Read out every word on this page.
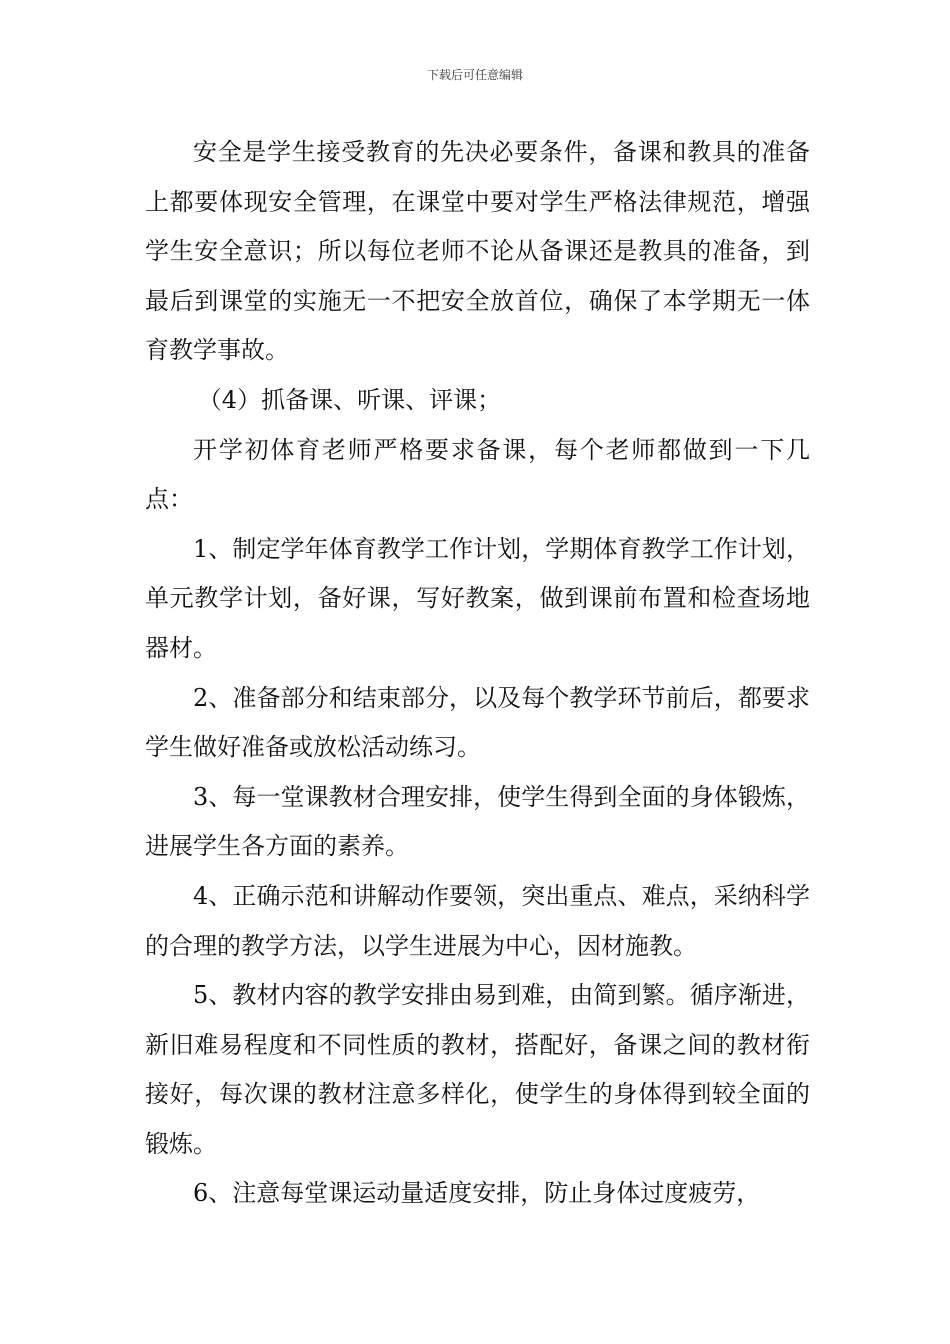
下载后可任意编辑

安全是学生接受教育的先决必要条件，备课和教具的准备上都要体现安全管理，在课堂中要对学生严格法律规范，增强学生安全意识；所以每位老师不论从备课还是教具的准备，到最后到课堂的实施无一不把安全放首位，确保了本学期无一体育教学事故。

（4）抓备课、听课、评课；

开学初体育老师严格要求备课，每个老师都做到一下几点：

1、制定学年体育教学工作计划，学期体育教学工作计划，单元教学计划，备好课，写好教案，做到课前布置和检查场地器材。

2、准备部分和结束部分，以及每个教学环节前后，都要求学生做好准备或放松活动练习。

3、每一堂课教材合理安排，使学生得到全面的身体锻炼，进展学生各方面的素养。

4、正确示范和讲解动作要领，突出重点、难点，采纳科学的合理的教学方法，以学生进展为中心，因材施教。

5、教材内容的教学安排由易到难，由简到繁。循序渐进，新旧难易程度和不同性质的教材，搭配好，备课之间的教材衔接好，每次课的教材注意多样化，使学生的身体得到较全面的锻炼。

6、注意每堂课运动量适度安排，防止身体过度疲劳，
